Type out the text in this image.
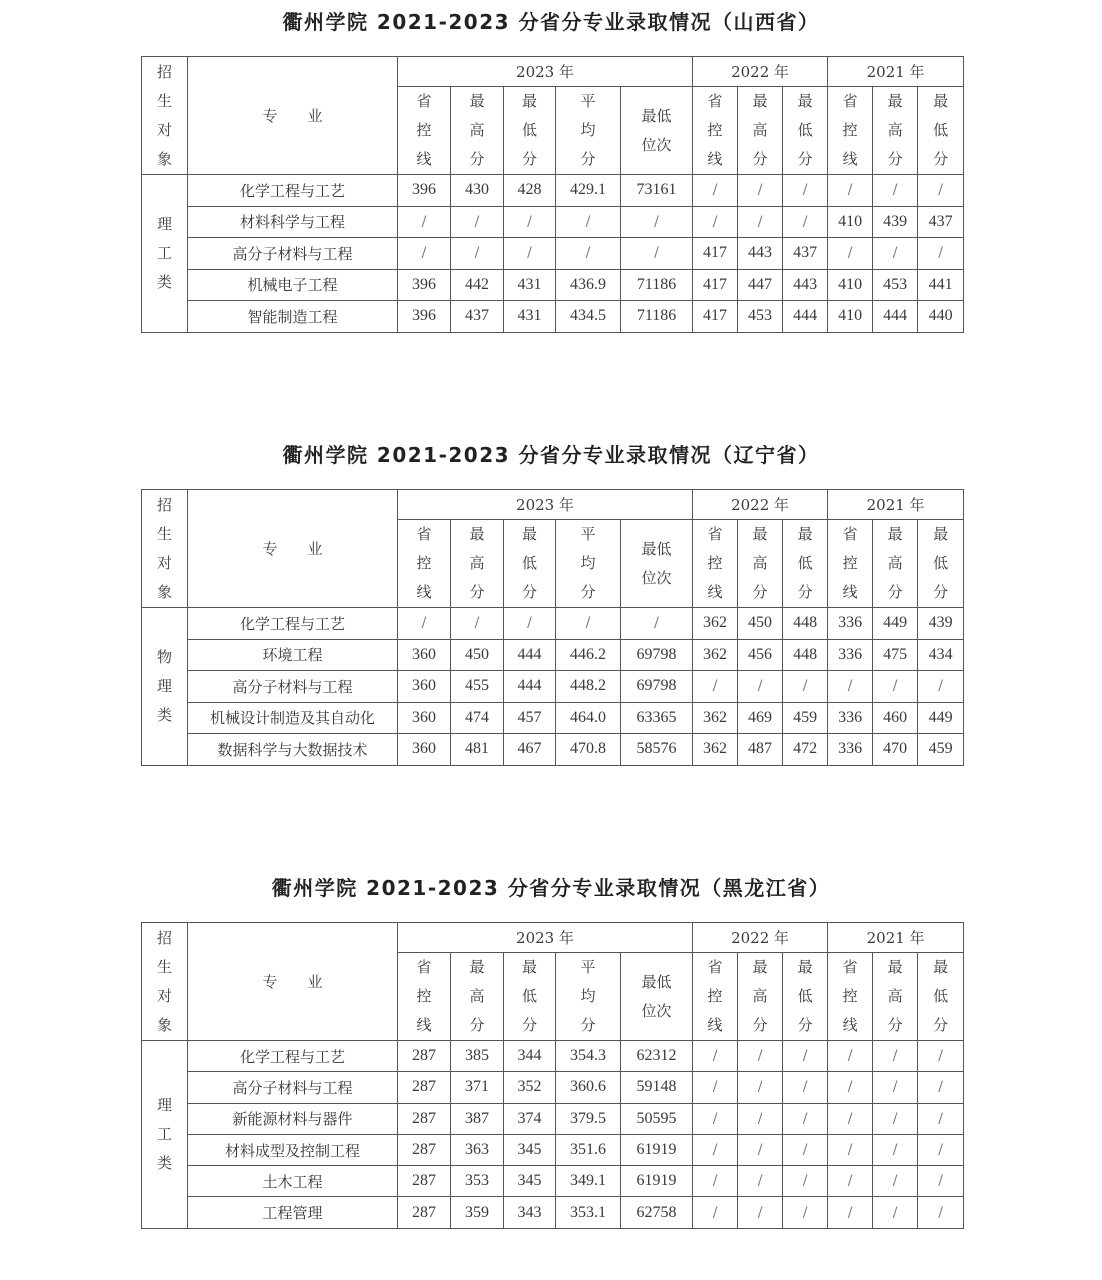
衢州学院 2021-2023 分省分专业录取情况（山西省）
招生对象	专业	2023 年					2022 年			2021 年		
		省控线	最高分	最低分	平均分	最低位次	省控线	最高分	最低分	省控线	最高分	最低分
理工类	化学工程与工艺	396	430	428	429.1	73161	/	/	/	/	/	/
	材料科学与工程	/	/	/	/	/	/	/	/	410	439	437
	高分子材料与工程	/	/	/	/	/	417	443	437	/	/	/
	机械电子工程	396	442	431	436.9	71186	417	447	443	410	453	441
	智能制造工程	396	437	431	434.5	71186	417	453	444	410	444	440
衢州学院 2021-2023 分省分专业录取情况（辽宁省）
招生对象	专业	2023 年					2022 年			2021 年		
		省控线	最高分	最低分	平均分	最低位次	省控线	最高分	最低分	省控线	最高分	最低分
物理类	化学工程与工艺	/	/	/	/	/	362	450	448	336	449	439
	环境工程	360	450	444	446.2	69798	362	456	448	336	475	434
	高分子材料与工程	360	455	444	448.2	69798	/	/	/	/	/	/
	机械设计制造及其自动化	360	474	457	464.0	63365	362	469	459	336	460	449
	数据科学与大数据技术	360	481	467	470.8	58576	362	487	472	336	470	459
衢州学院 2021-2023 分省分专业录取情况（黑龙江省）
招生对象	专业	2023 年					2022 年			2021 年		
		省控线	最高分	最低分	平均分	最低位次	省控线	最高分	最低分	省控线	最高分	最低分
理工类	化学工程与工艺	287	385	344	354.3	62312	/	/	/	/	/	/
	高分子材料与工程	287	371	352	360.6	59148	/	/	/	/	/	/
	新能源材料与器件	287	387	374	379.5	50595	/	/	/	/	/	/
	材料成型及控制工程	287	363	345	351.6	61919	/	/	/	/	/	/
	土木工程	287	353	345	349.1	61919	/	/	/	/	/	/
	工程管理	287	359	343	353.1	62758	/	/	/	/	/	/
